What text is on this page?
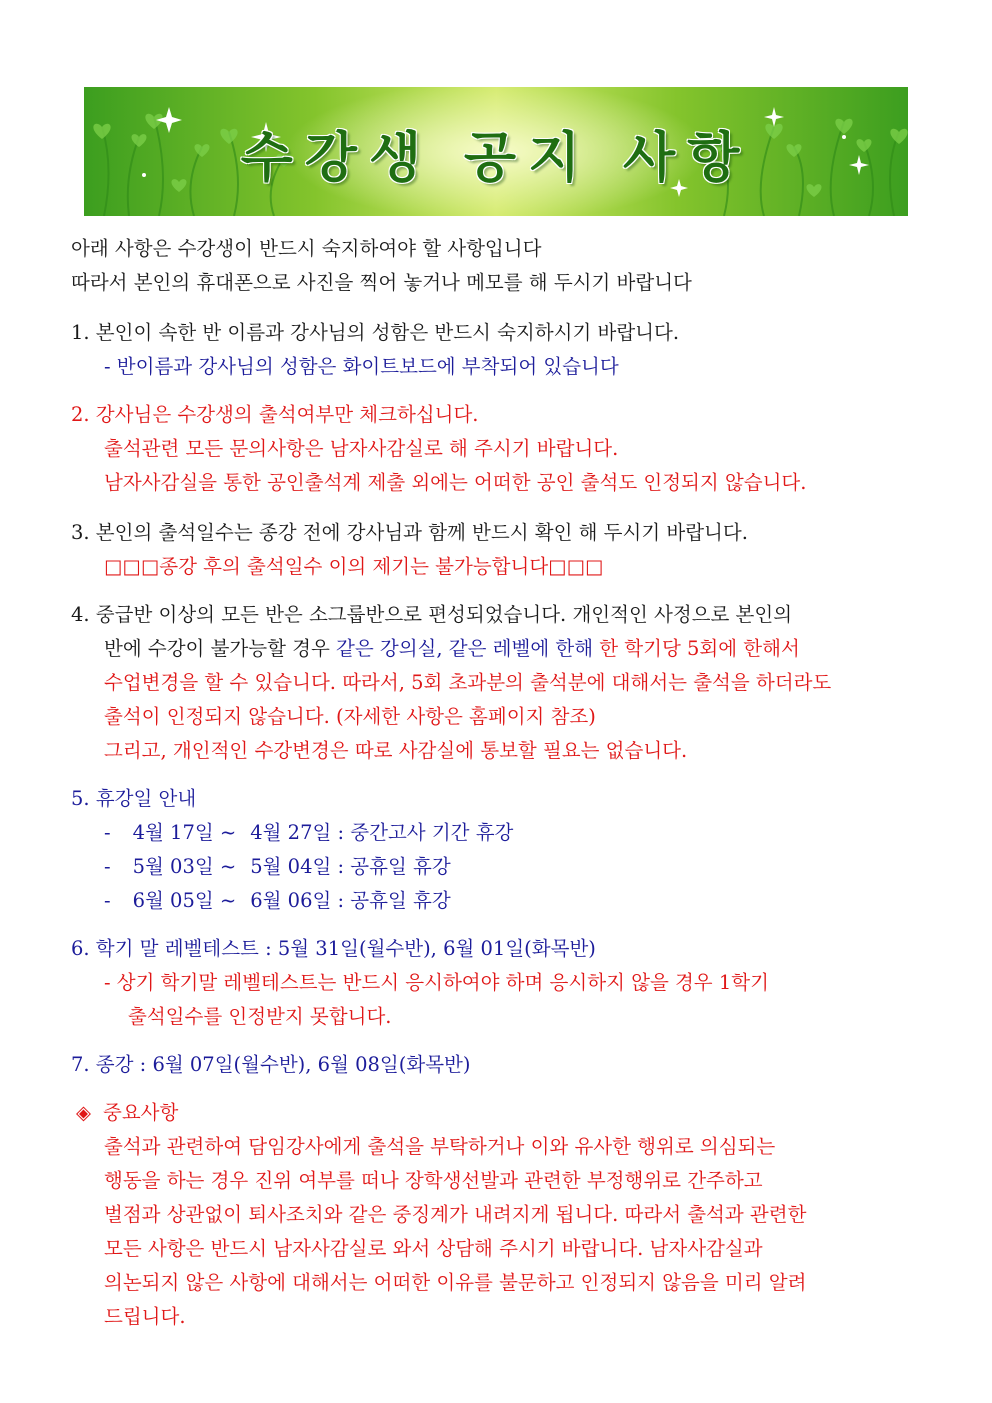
수강생 공지 사항
아래 사항은 수강생이 반드시 숙지하여야 할 사항입니다
따라서 본인의 휴대폰으로 사진을 찍어 놓거나 메모를 해 두시기 바랍니다
1. 본인이 속한 반 이름과 강사님의 성함은 반드시 숙지하시기 바랍니다.
- 반이름과 강사님의 성함은 화이트보드에 부착되어 있습니다
2. 강사님은 수강생의 출석여부만 체크하십니다.
출석관련 모든 문의사항은 남자사감실로 해 주시기 바랍니다.
남자사감실을 통한 공인출석계 제출 외에는 어떠한 공인 출석도 인정되지 않습니다.
3. 본인의 출석일수는 종강 전에 강사님과 함께 반드시 확인 해 두시기 바랍니다.
□□□종강 후의 출석일수 이의 제기는 불가능합니다□□□
4. 중급반 이상의 모든 반은 소그룹반으로 편성되었습니다. 개인적인 사정으로 본인의
반에 수강이 불가능할 경우 같은 강의실, 같은 레벨에 한해 한 학기당 5회에 한해서
수업변경을 할 수 있습니다. 따라서, 5회 초과분의 출석분에 대해서는 출석을 하더라도
출석이 인정되지 않습니다. (자세한 사항은 홈페이지 참조)
그리고, 개인적인 수강변경은 따로 사감실에 통보할 필요는 없습니다.
5. 휴강일 안내
- 4월 17일 ~ 4월 27일 : 중간고사 기간 휴강
- 5월 03일 ~ 5월 04일 : 공휴일 휴강
- 6월 05일 ~ 6월 06일 : 공휴일 휴강
6. 학기 말 레벨테스트 : 5월 31일(월수반), 6월 01일(화목반)
- 상기 학기말 레벨테스트는 반드시 응시하여야 하며 응시하지 않을 경우 1학기
출석일수를 인정받지 못합니다.
7. 종강 : 6월 07일(월수반), 6월 08일(화목반)
◈ 중요사항
출석과 관련하여 담임강사에게 출석을 부탁하거나 이와 유사한 행위로 의심되는
행동을 하는 경우 진위 여부를 떠나 장학생선발과 관련한 부정행위로 간주하고
벌점과 상관없이 퇴사조치와 같은 중징계가 내려지게 됩니다. 따라서 출석과 관련한
모든 사항은 반드시 남자사감실로 와서 상담해 주시기 바랍니다. 남자사감실과
의논되지 않은 사항에 대해서는 어떠한 이유를 불문하고 인정되지 않음을 미리 알려
드립니다.
